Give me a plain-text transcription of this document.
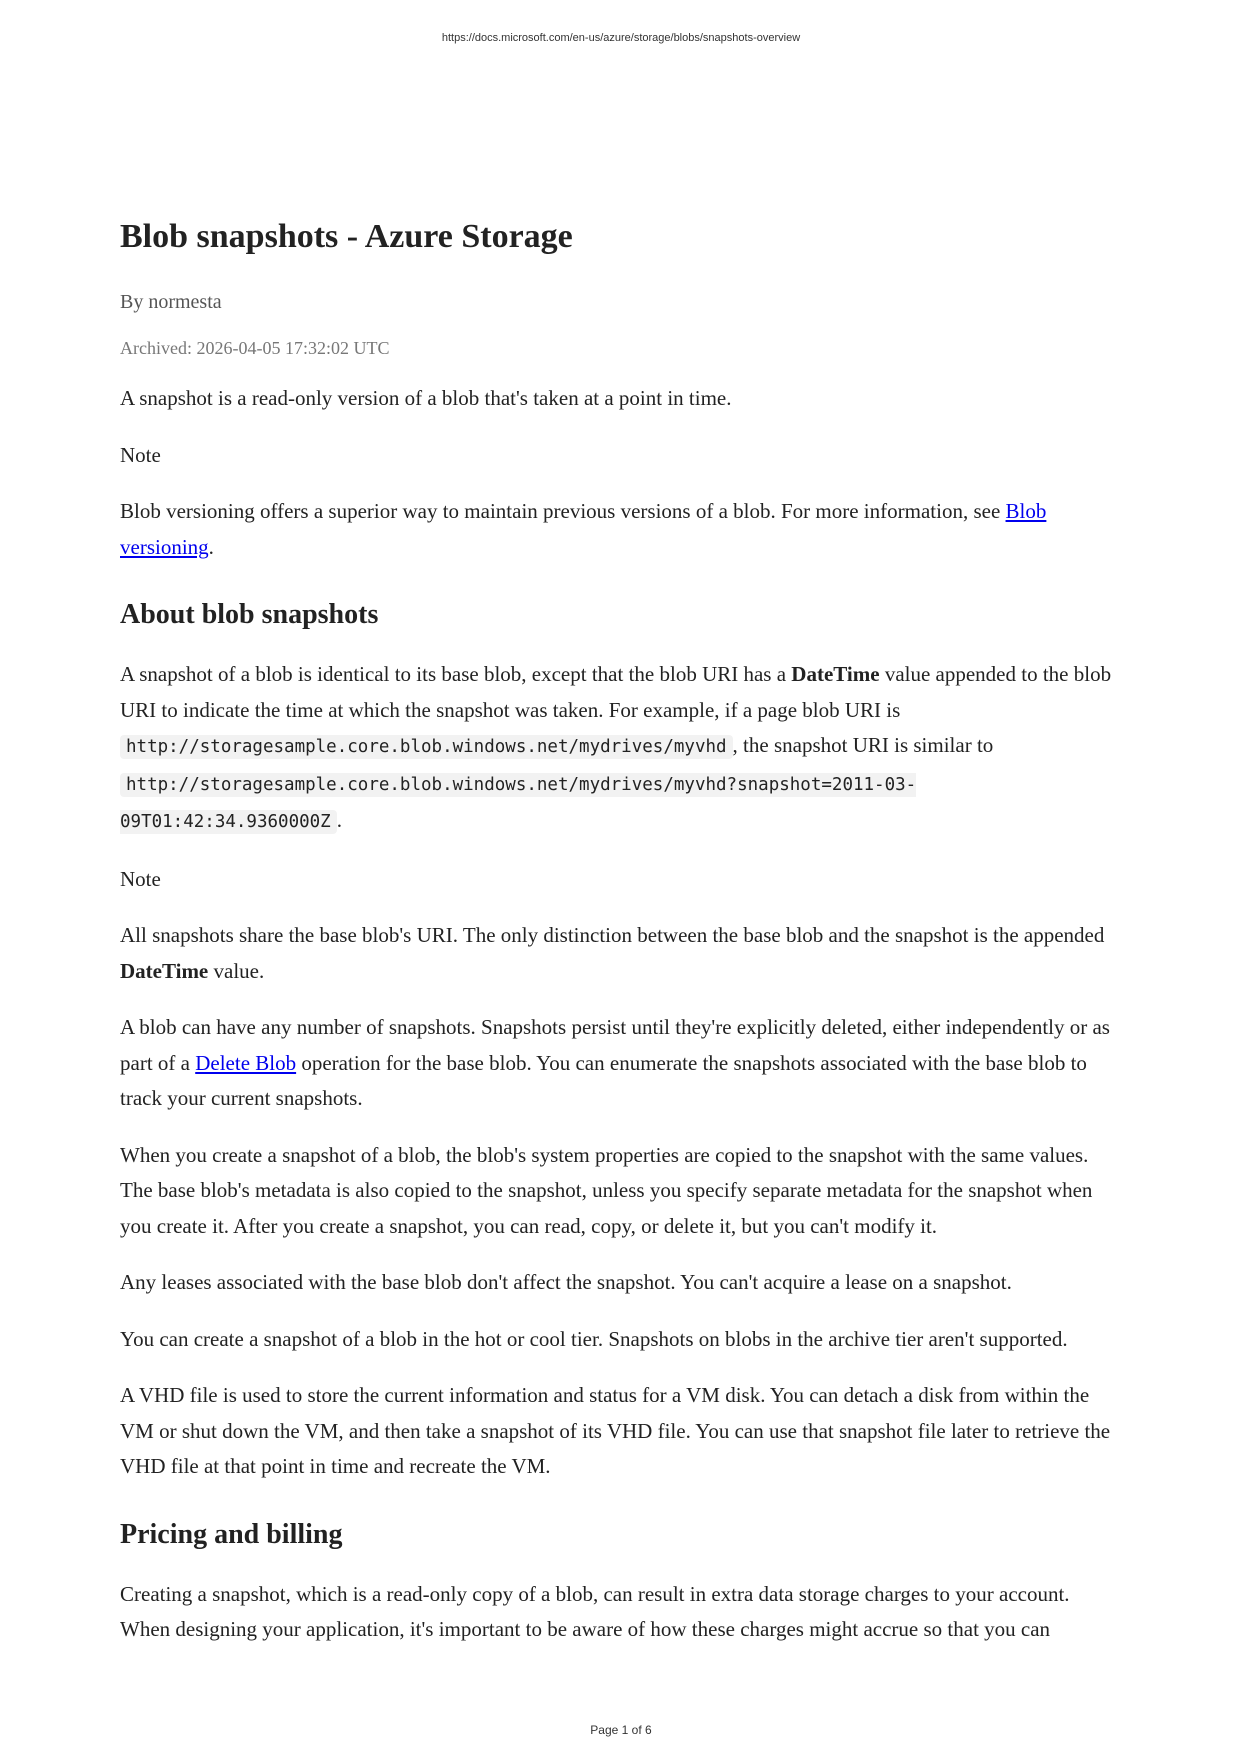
https://docs.microsoft.com/en-us/azure/storage/blobs/snapshots-overview
Blob snapshots - Azure Storage
By normesta
Archived: 2026-04-05 17:32:02 UTC

A snapshot is a read-only version of a blob that's taken at a point in time.

Note

Blob versioning offers a superior way to maintain previous versions of a blob. For more information, see Blob versioning.

About blob snapshots

A snapshot of a blob is identical to its base blob, except that the blob URI has a DateTime value appended to the blob URI to indicate the time at which the snapshot was taken. For example, if a page blob URI is http://storagesample.core.blob.windows.net/mydrives/myvhd , the snapshot URI is similar to http://storagesample.core.blob.windows.net/mydrives/myvhd?snapshot=2011-03-09T01:42:34.9360000Z .

Note

All snapshots share the base blob's URI. The only distinction between the base blob and the snapshot is the appended DateTime value.

A blob can have any number of snapshots. Snapshots persist until they're explicitly deleted, either independently or as part of a Delete Blob operation for the base blob. You can enumerate the snapshots associated with the base blob to track your current snapshots.

When you create a snapshot of a blob, the blob's system properties are copied to the snapshot with the same values. The base blob's metadata is also copied to the snapshot, unless you specify separate metadata for the snapshot when you create it. After you create a snapshot, you can read, copy, or delete it, but you can't modify it.

Any leases associated with the base blob don't affect the snapshot. You can't acquire a lease on a snapshot.

You can create a snapshot of a blob in the hot or cool tier. Snapshots on blobs in the archive tier aren't supported.

A VHD file is used to store the current information and status for a VM disk. You can detach a disk from within the VM or shut down the VM, and then take a snapshot of its VHD file. You can use that snapshot file later to retrieve the VHD file at that point in time and recreate the VM.

Pricing and billing

Creating a snapshot, which is a read-only copy of a blob, can result in extra data storage charges to your account. When designing your application, it's important to be aware of how these charges might accrue so that you can

Page 1 of 6
